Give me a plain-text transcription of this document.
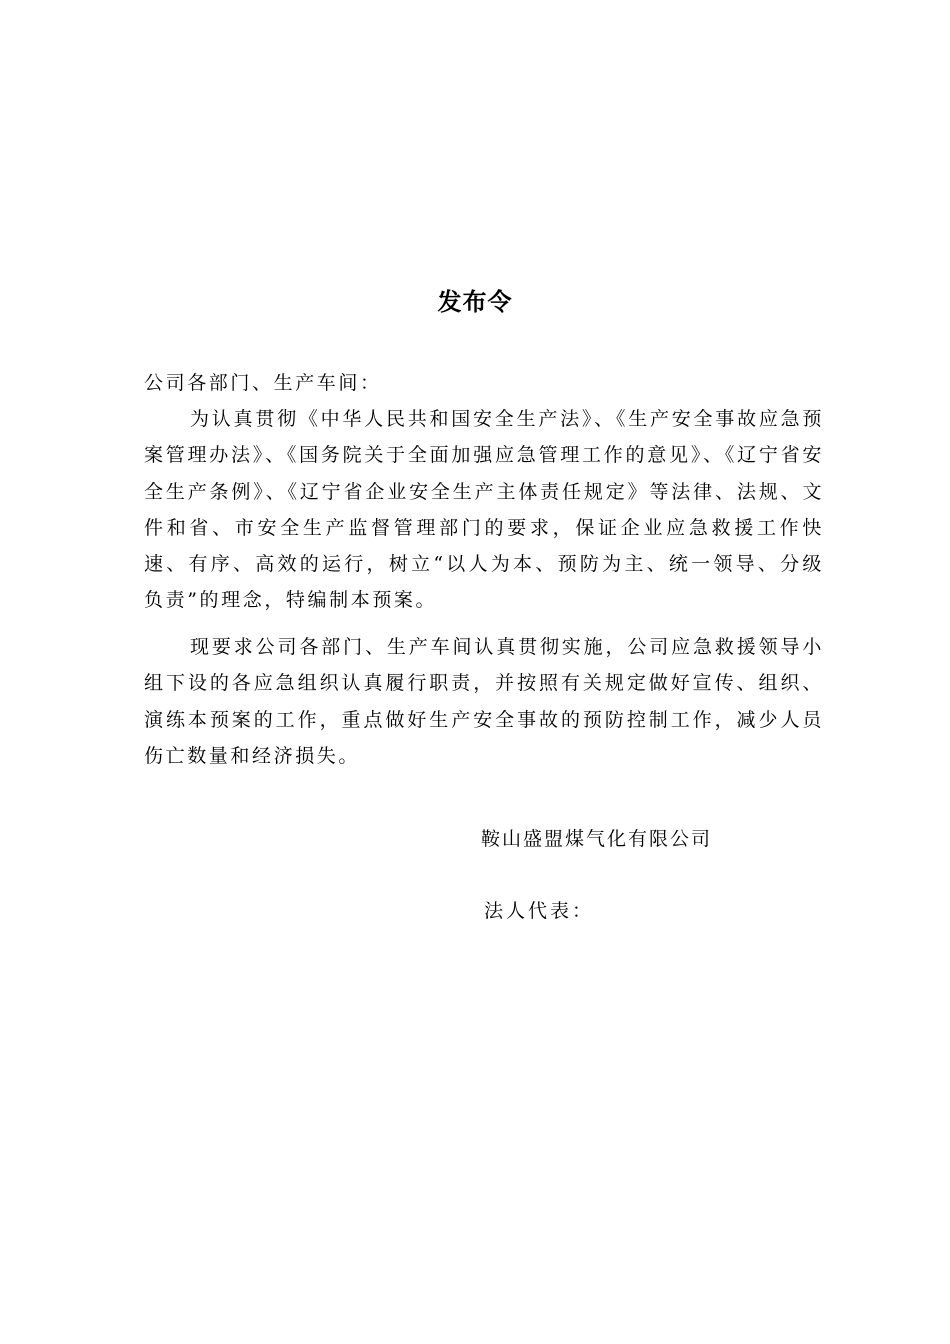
发布令
公司各部门、生产车间：
为认真贯彻《中华人民共和国安全生产法》、《生产安全事故应急预案管理办法》、《国务院关于全面加强应急管理工作的意见》、《辽宁省安全生产条例》、《辽宁省企业安全生产主体责任规定》等法律、法规、文件和省、市安全生产监督管理部门的要求，保证企业应急救援工作快速、有序、高效的运行，树立“以人为本、预防为主、统一领导、分级负责”的理念，特编制本预案。
现要求公司各部门、生产车间认真贯彻实施，公司应急救援领导小组下设的各应急组织认真履行职责，并按照有关规定做好宣传、组织、演练本预案的工作，重点做好生产安全事故的预防控制工作，减少人员伤亡数量和经济损失。
鞍山盛盟煤气化有限公司
法人代表：
